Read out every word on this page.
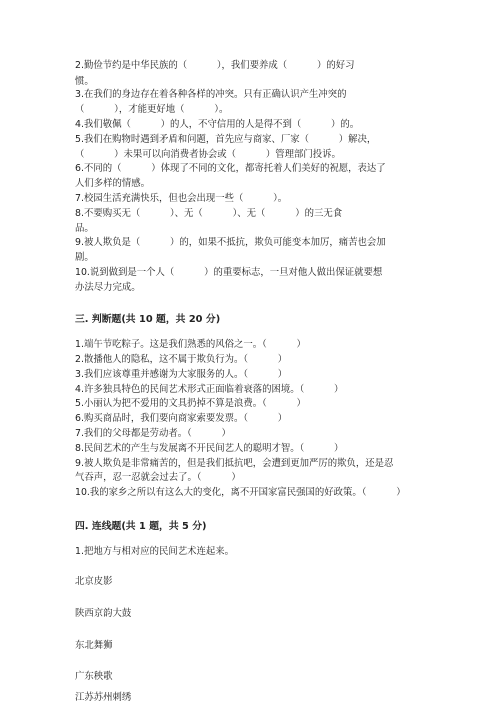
2.勤俭节约是中华民族的（          ），我们要养成（          ）的好习
惯。
3.在我们的身边存在着各种各样的冲突。只有正确认识产生冲突的
（          ），才能更好地（          ）。
4.我们敬佩（          ）的人，不守信用的人是得不到（          ）的。
5.我们在购物时遇到矛盾和问题，首先应与商家、厂家（          ）解决，
（          ）未果可以向消费者协会或（          ）管理部门投诉。
6.不同的（          ）体现了不同的文化，都寄托着人们美好的祝愿，表达了
人们多样的情感。
7.校园生活充满快乐，但也会出现一些（          ）。
8.不要购买无（          ）、无（          ）、无（          ）的三无食
品。
9.被人欺负是（          ）的，如果不抵抗，欺负可能变本加厉，痛苦也会加
剧。
10.说到做到是一个人（          ）的重要标志，一旦对他人做出保证就要想
办法尽力完成。
三. 判断题(共 10 题，共 20 分)
1.端午节吃粽子。这是我们熟悉的风俗之一。（          ）
2.散播他人的隐私，这不属于欺负行为。（          ）
3.我们应该尊重并感谢为大家服务的人。（          ）
4.许多独具特色的民间艺术形式正面临着衰落的困境。（          ）
5.小丽认为把不爱用的文具扔掉不算是浪费。（          ）
6.购买商品时，我们要向商家索要发票。（          ）
7.我们的父母都是劳动者。（          ）
8.民间艺术的产生与发展离不开民间艺人的聪明才智。（          ）
9.被人欺负是非常痛苦的，但是我们抵抗吧，会遭到更加严厉的欺负，还是忍
气吞声，忍一忍就会过去了。（          ）
10.我的家乡之所以有这么大的变化，离不开国家富民强国的好政策。（          ）
四. 连线题(共 1 题，共 5 分)
1.把地方与相对应的民间艺术连起来。
北京皮影
陕西京韵大鼓
东北舞狮
广东秧歌
江苏苏州刺绣
